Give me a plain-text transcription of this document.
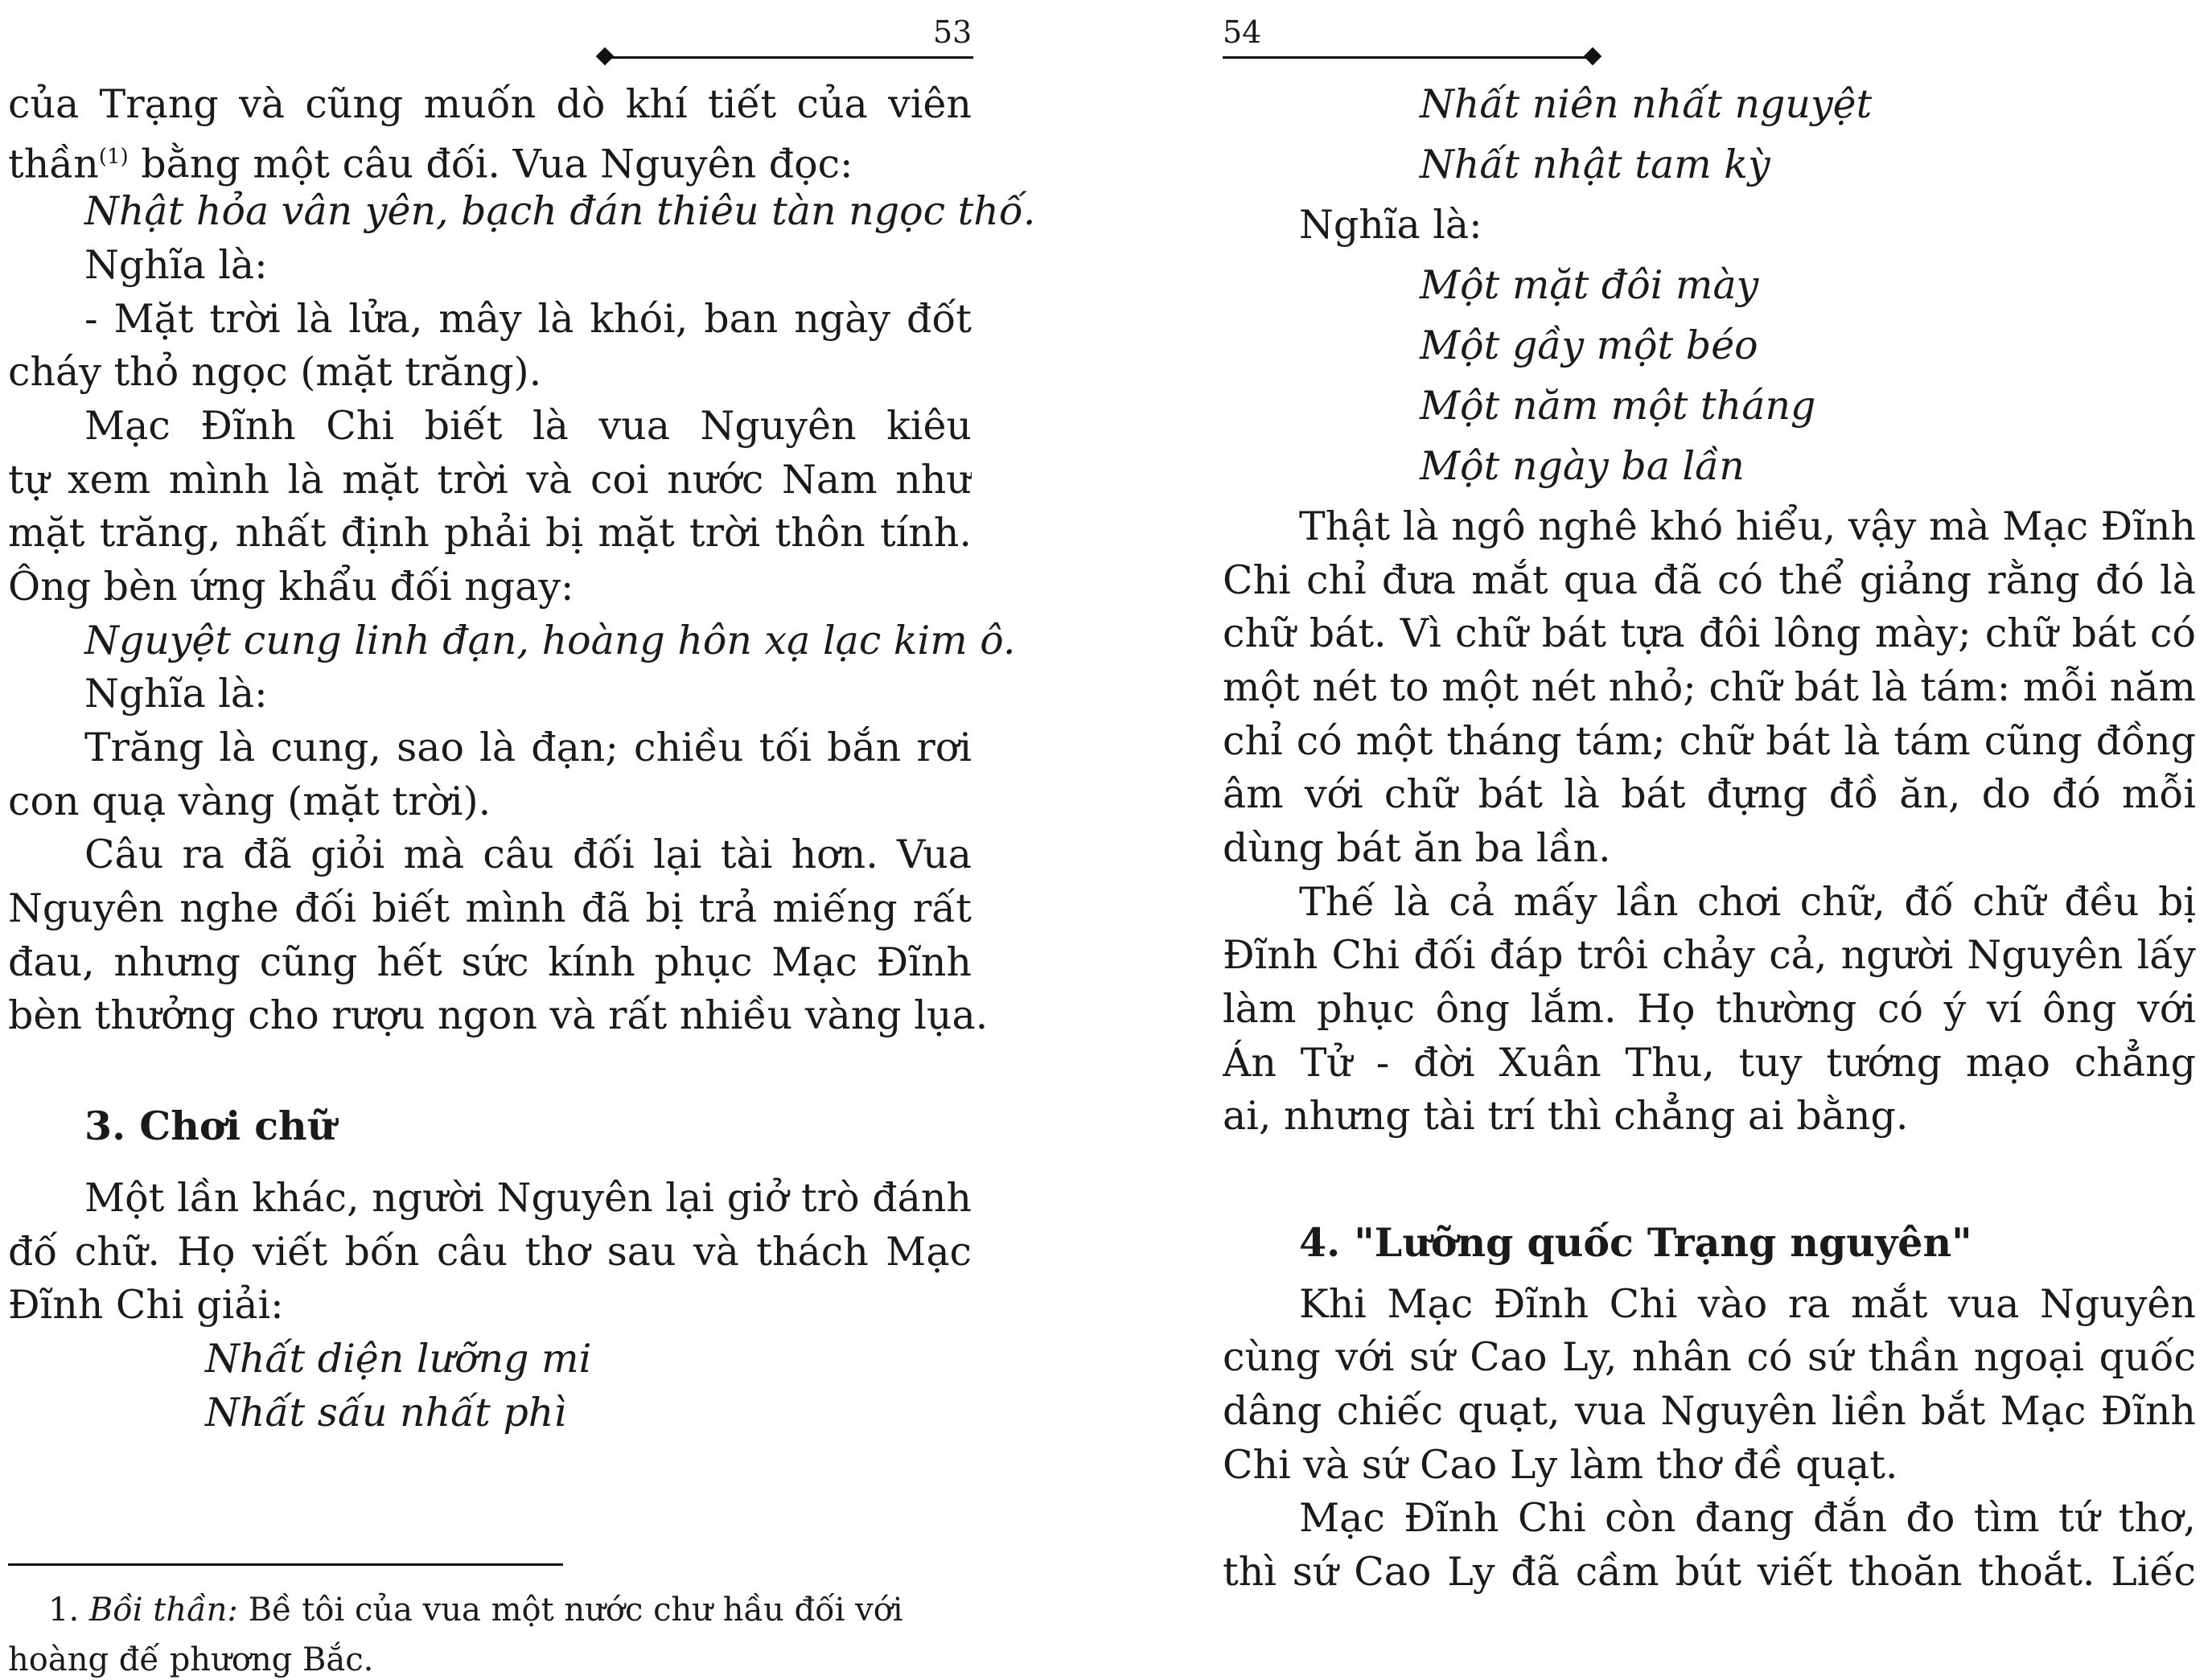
53
của Trạng và cũng muốn dò khí tiết của viên
thần$^{(1)}$ bằng một câu đối. Vua Nguyên đọc:
Nhật hỏa vân yên, bạch đán thiêu tàn ngọc thố.
Nghĩa là:
- Mặt trời là lửa, mây là khói, ban ngày đốt
cháy thỏ ngọc (mặt trăng).
Mạc Đĩnh Chi biết là vua Nguyên kiêu
tự xem mình là mặt trời và coi nước Nam như
mặt trăng, nhất định phải bị mặt trời thôn tính.
Ông bèn ứng khẩu đối ngay:
Nguyệt cung linh đạn, hoàng hôn xạ lạc kim ô.
Nghĩa là:
Trăng là cung, sao là đạn; chiều tối bắn rơi
con quạ vàng (mặt trời).
Câu ra đã giỏi mà câu đối lại tài hơn. Vua
Nguyên nghe đối biết mình đã bị trả miếng rất
đau, nhưng cũng hết sức kính phục Mạc Đĩnh
bèn thưởng cho rượu ngon và rất nhiều vàng lụa.
3. Chơi chữ
Một lần khác, người Nguyên lại giở trò đánh
đố chữ. Họ viết bốn câu thơ sau và thách Mạc
Đĩnh Chi giải:
Nhất diện lưỡng mi
Nhất sấu nhất phì
1. Bồi thần: Bề tôi của vua một nước chư hầu đối với
hoàng đế phương Bắc.
54
Nhất niên nhất nguyệt
Nhất nhật tam kỳ
Nghĩa là:
Một mặt đôi mày
Một gầy một béo
Một năm một tháng
Một ngày ba lần
Thật là ngô nghê khó hiểu, vậy mà Mạc Đĩnh
Chi chỉ đưa mắt qua đã có thể giảng rằng đó là
chữ bát. Vì chữ bát tựa đôi lông mày; chữ bát có
một nét to một nét nhỏ; chữ bát là tám: mỗi năm
chỉ có một tháng tám; chữ bát là tám cũng đồng
âm với chữ bát là bát đựng đồ ăn, do đó mỗi
dùng bát ăn ba lần.
Thế là cả mấy lần chơi chữ, đố chữ đều bị
Đĩnh Chi đối đáp trôi chảy cả, người Nguyên lấy
làm phục ông lắm. Họ thường có ý ví ông với
Án Tử - đời Xuân Thu, tuy tướng mạo chẳng
ai, nhưng tài trí thì chẳng ai bằng.
4. "Lưỡng quốc Trạng nguyên"
Khi Mạc Đĩnh Chi vào ra mắt vua Nguyên
cùng với sứ Cao Ly, nhân có sứ thần ngoại quốc
dâng chiếc quạt, vua Nguyên liền bắt Mạc Đĩnh
Chi và sứ Cao Ly làm thơ đề quạt.
Mạc Đĩnh Chi còn đang đắn đo tìm tứ thơ,
thì sứ Cao Ly đã cầm bút viết thoăn thoắt. Liếc
